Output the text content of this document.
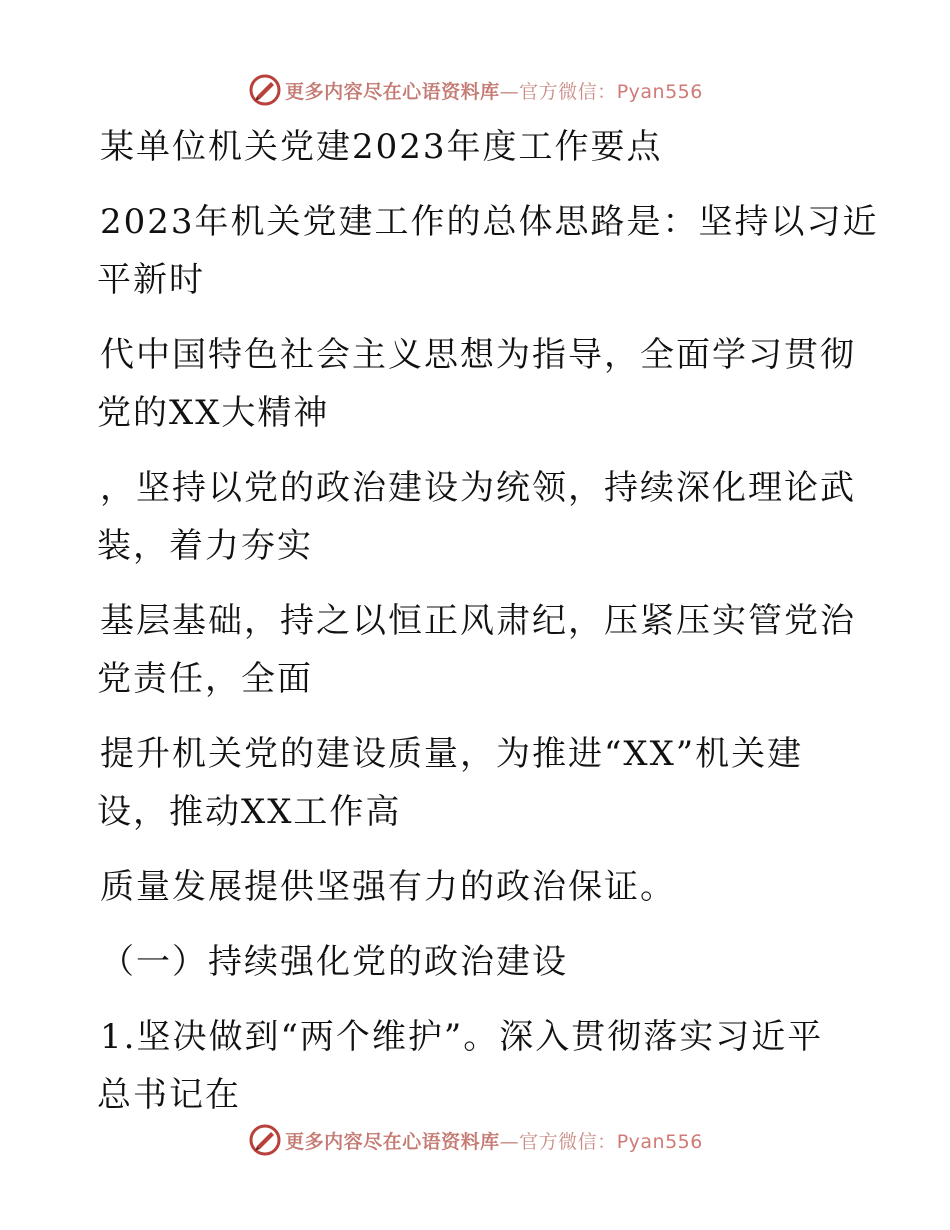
更多内容尽在心语资料库—官方微信：Pyan556
某单位机关党建2023年度工作要点
2023年机关党建工作的总体思路是：坚持以习近
平新时
代中国特色社会主义思想为指导，全面学习贯彻
党的XX大精神
，坚持以党的政治建设为统领，持续深化理论武
装，着力夯实
基层基础，持之以恒正风肃纪，压紧压实管党治
党责任，全面
提升机关党的建设质量，为推进“XX”机关建
设，推动XX工作高
质量发展提供坚强有力的政治保证。
（一）持续强化党的政治建设
1.坚决做到“两个维护”。深入贯彻落实习近平
总书记在
更多内容尽在心语资料库—官方微信：Pyan556
